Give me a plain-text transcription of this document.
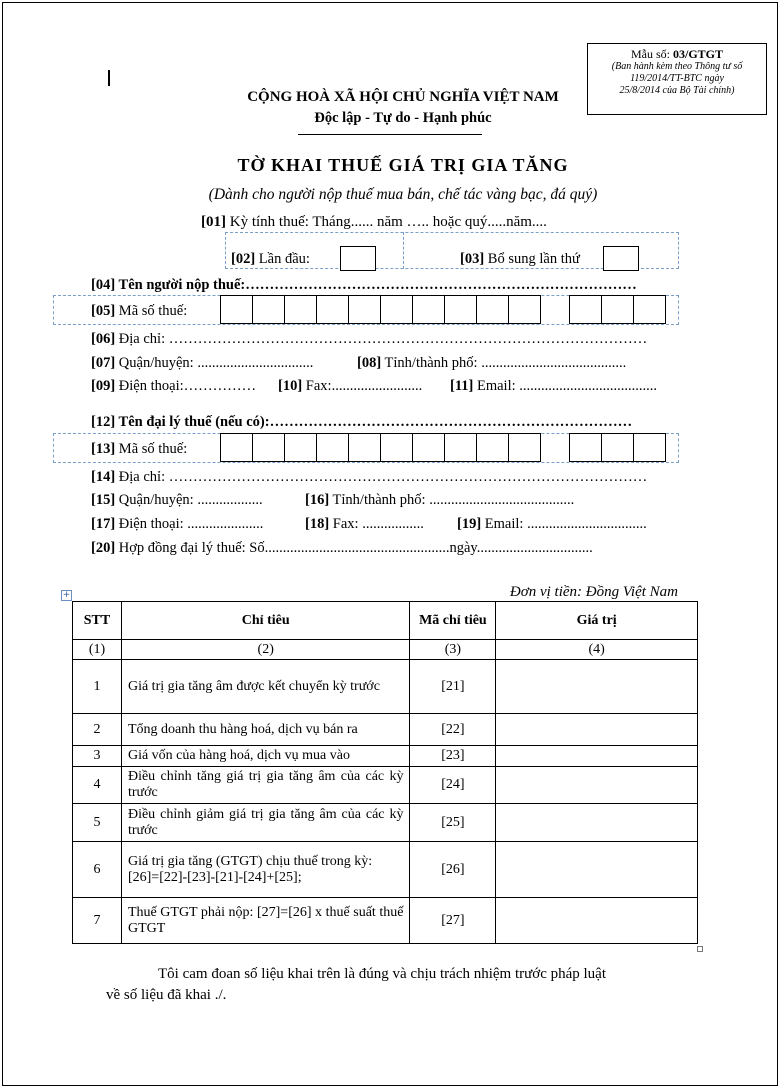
Mẫu số: 03/GTGT
(Ban hành kèm theo Thông tư số
119/2014/TT-BTC ngày
25/8/2014 của Bộ Tài chính)
CỘNG HOÀ XÃ HỘI CHỦ NGHĨA VIỆT NAM
Độc lập - Tự do - Hạnh phúc
TỜ KHAI THUẾ GIÁ TRỊ GIA TĂNG
(Dành cho người nộp thuế mua bán, chế tác vàng bạc, đá quý)
[01] Kỳ tính thuế: Tháng...... năm ….. hoặc quý.....năm....
[02] Lần đầu:	[03] Bổ sung lần thứ
[04] Tên người nộp thuế:………………………………………………………………………
[05] Mã số thuế:
[06] Địa chỉ: ………………………………………………………………………………………
[07] Quận/huyện: ................................	[08] Tỉnh/thành phố: ........................................
[09] Điện thoại:…………… [10] Fax:......................... [11] Email: ......................................
[12] Tên đại lý thuế (nếu có):…………………………………………………………………
[13] Mã số thuế:
[14] Địa chỉ: ………………………………………………………………………………………
[15] Quận/huyện: ..................	[16] Tỉnh/thành phố: ........................................
[17] Điện thoại: .....................	[18] Fax: ................. [19] Email: .................................
[20] Hợp đồng đại lý thuế: Số...................................................ngày................................
Đơn vị tiền: Đồng Việt Nam
+
STT	Chỉ tiêu	Mã chỉ tiêu	Giá trị
(1)	(2)	(3)	(4)
1	Giá trị gia tăng âm được kết chuyển kỳ trước	[21]	
2	Tổng doanh thu hàng hoá, dịch vụ bán ra	[22]	
3	Giá vốn của hàng hoá, dịch vụ mua vào	[23]	
4	Điều chỉnh tăng giá trị gia tăng âm của các kỳ trước	[24]	
5	Điều chỉnh giảm giá trị gia tăng âm của các kỳ trước	[25]	
6	Giá trị gia tăng (GTGT) chịu thuế trong kỳ:
[26]=[22]-[23]-[21]-[24]+[25];	[26]	
7	Thuế GTGT phải nộp: [27]=[26] x thuế suất thuế GTGT	[27]	
Tôi cam đoan số liệu khai trên là đúng và chịu trách nhiệm trước pháp luật
về số liệu đã khai ./.
